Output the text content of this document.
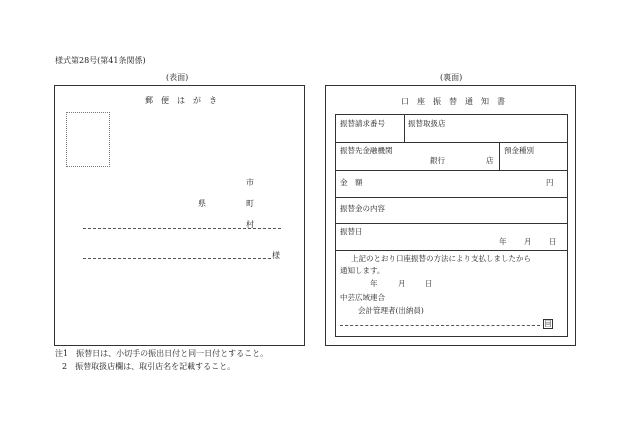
様式第28号(第41条関係)
(表面)	(裏面)
郵　便　は　が　き
市
県	町
村
様
口　座　振　替　通　知　書
振替請求番号	振替取扱店
振替先金融機関
銀行	店
預金種別
金　額	円
振替金の内容
振替日
年 月 日
上記のとおり口座振替の方法により支払しましたから
通知します。
年	月	日
中芸広域連合
会計管理者(出納員)
回
注1　振替日は、小切手の振出日付と同一日付とすること。
2　振替取扱店欄は、取引店名を記載すること。
